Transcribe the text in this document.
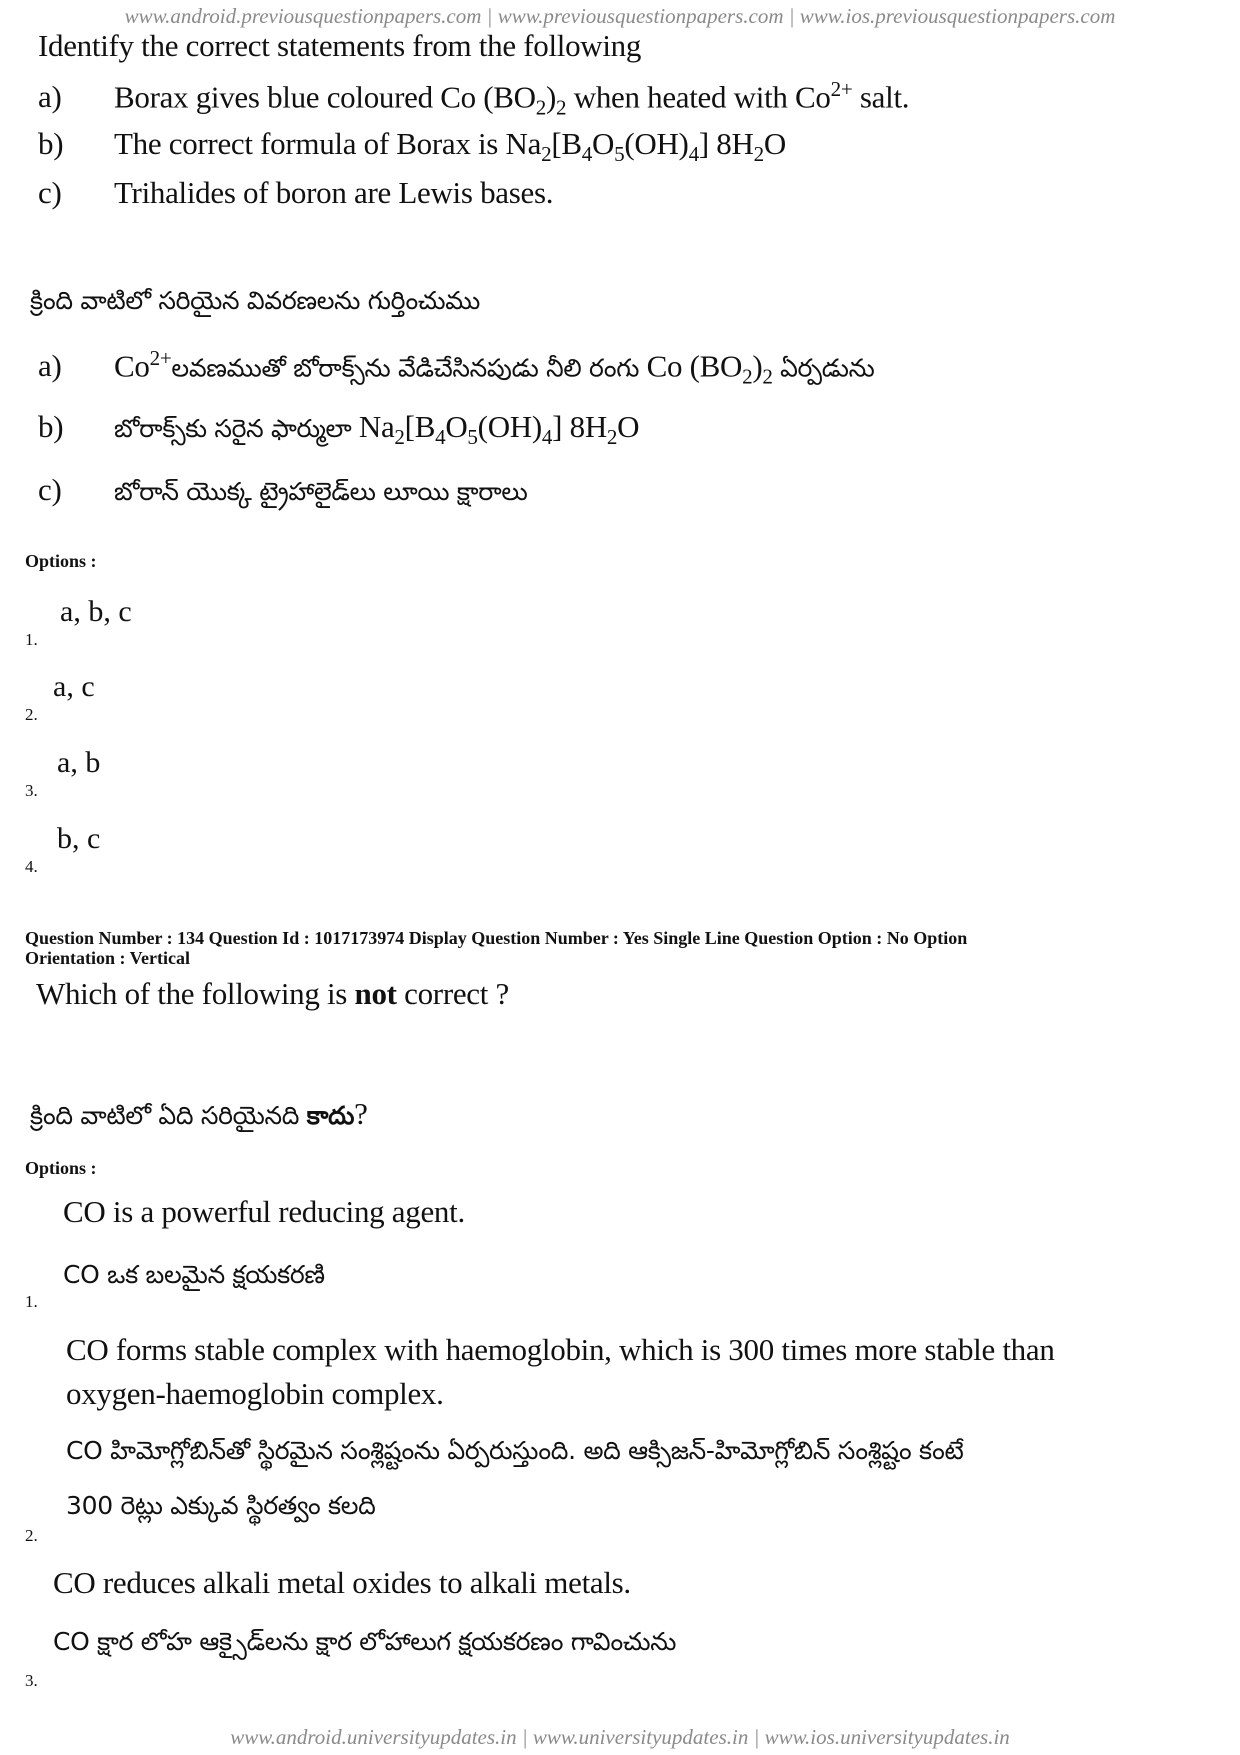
www.android.previousquestionpapers.com | www.previousquestionpapers.com | www.ios.previousquestionpapers.com
Identify the correct statements from the following
a) Borax gives blue coloured Co $(BO_2)_2$ when heated with $Co^{2+}$ salt.
b) The correct formula of Borax is $Na_2[B_4O_5(OH)_4]$ $8H_2O$
c) Trihalides of boron are Lewis bases.
క్రింది వాటిలో సరియైన వివరణలను గుర్తించుము
a) $Co^{2+}లవణముతో$ బోరాక్స్‌ను వేడిచేసినపుడు నీలి రంగు Co $(BO_2)_2$ ఏర్పడును
b) బోరాక్స్‌కు సరైన ఫార్ములా $Na_2[B_4O_5(OH)_4]$ $8H_2O$
c) బోరాన్ యొక్క ట్రైహాలైడ్‌లు లూయి క్షారాలు
Options :
a, b, c
1.
a, c
2.
a, b
3.
b, c
4.
Question Number : 134 Question Id : 1017173974 Display Question Number : Yes Single Line Question Option : No Option
Orientation : Vertical
Which of the following is not correct ?
క్రింది వాటిలో ఏది సరియైనది కాదు?
Options :
CO is a powerful reducing agent.
CO ఒక బలమైన క్షయకరణి
1.
CO forms stable complex with haemoglobin, which is 300 times more stable than
oxygen-haemoglobin complex.
CO హిమోగ్లోబిన్‌తో స్థిరమైన సంశ్లిష్టంను ఏర్పరుస్తుంది. అది ఆక్సిజన్-హిమోగ్లోబిన్ సంశ్లిష్టం కంటే
300 రెట్లు ఎక్కువ స్థిరత్వం కలది
2.
CO reduces alkali metal oxides to alkali metals.
CO క్షార లోహ ఆక్సైడ్‌లను క్షార లోహాలుగ క్షయకరణం గావించును
3.
www.android.universityupdates.in | www.universityupdates.in | www.ios.universityupdates.in
